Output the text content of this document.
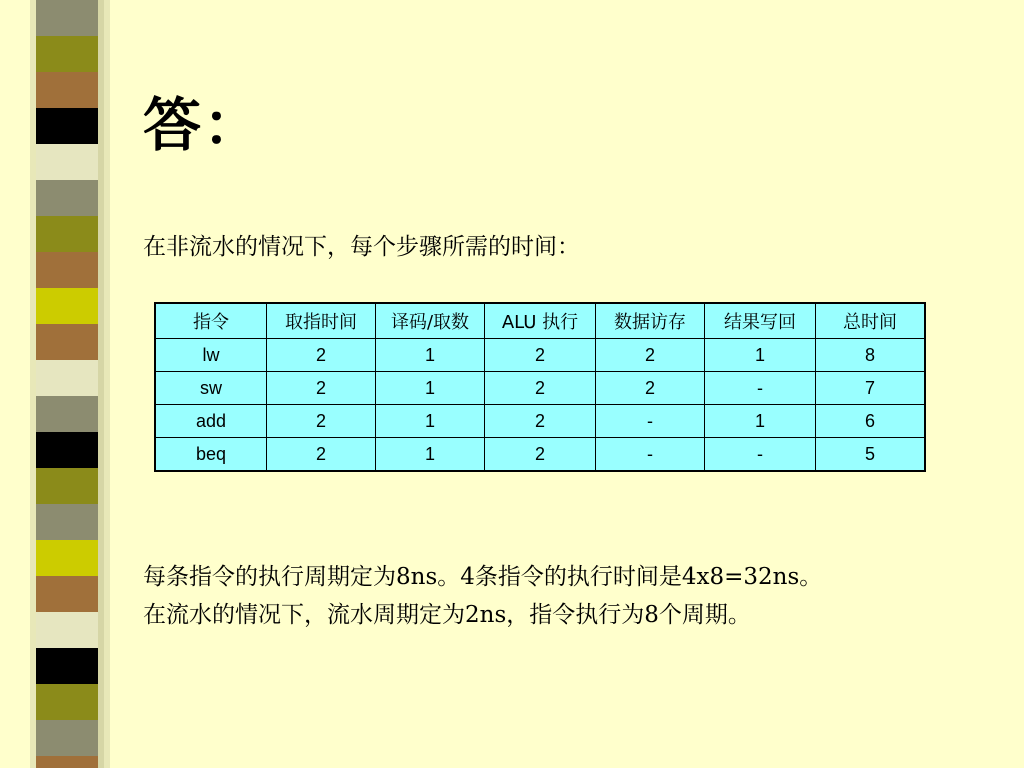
答：
在非流水的情况下，每个步骤所需的时间：
指令	取指时间	译码/取数	ALU 执行	数据访存	结果写回	总时间
lw	2	1	2	2	1	8
sw	2	1	2	2	-	7
add	2	1	2	-	1	6
beq	2	1	2	-	-	5
每条指令的执行周期定为8ns。4条指令的执行时间是4x8=32ns。
在流水的情况下，流水周期定为2ns，指令执行为8个周期。
